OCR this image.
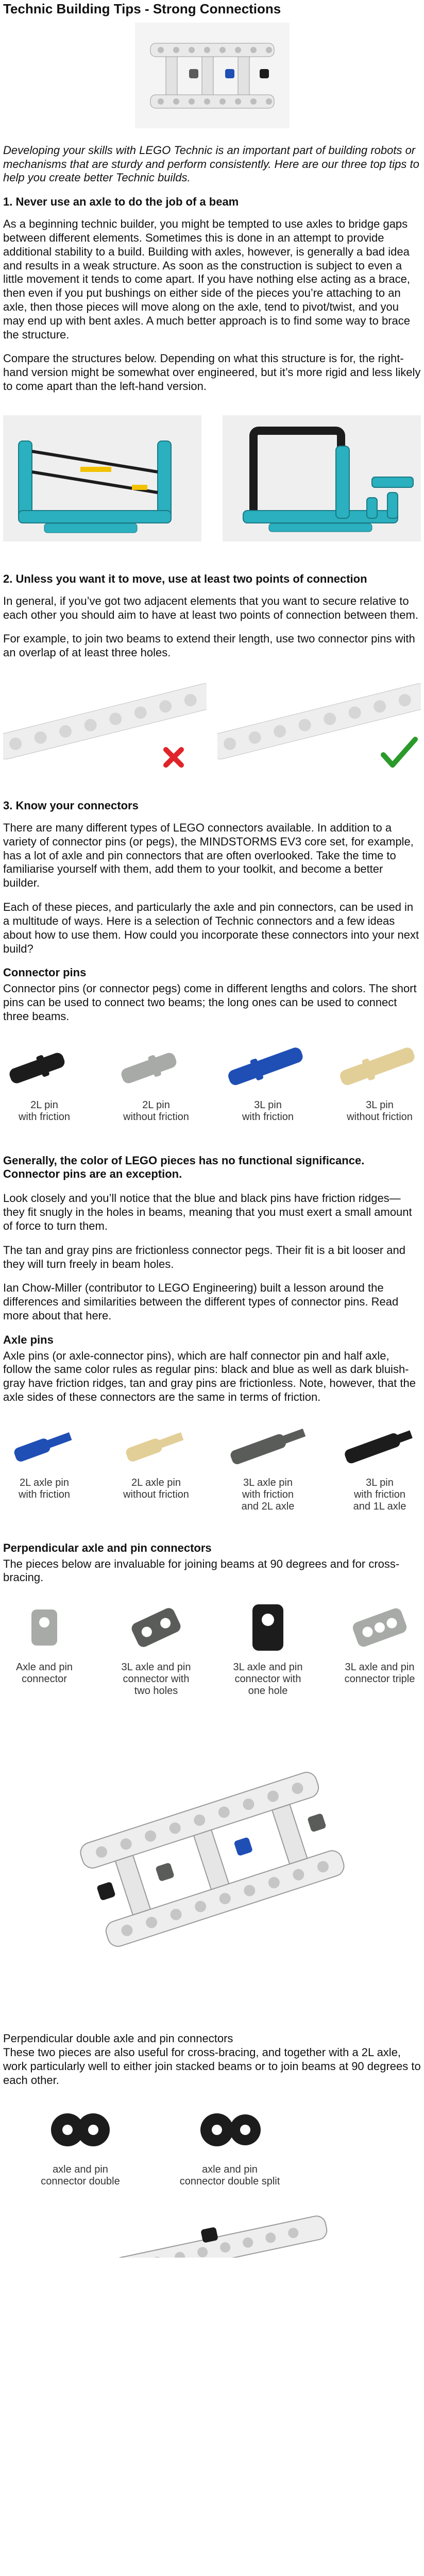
Technic Building Tips - Strong Connections

Developing your skills with LEGO Technic is an important part of building robots or mechanisms that are sturdy and perform consistently. Here are our three top tips to help you create better Technic builds.

1. Never use an axle to do the job of a beam

As a beginning technic builder, you might be tempted to use axles to bridge gaps between different elements. Sometimes this is done in an attempt to provide additional stability to a build. Building with axles, however, is generally a bad idea and results in a weak structure. As soon as the construction is subject to even a little movement it tends to come apart. If you have nothing else acting as a brace, then even if you put bushings on either side of the pieces you’re attaching to an axle, then those pieces will move along on the axle, tend to pivot/twist, and you may end up with bent axles. A much better approach is to find some way to brace the structure.

Compare the structures below. Depending on what this structure is for, the right-hand version might be somewhat over engineered, but it’s more rigid and less likely to come apart than the left-hand version.

2. Unless you want it to move, use at least two points of connection

In general, if you’ve got two adjacent elements that you want to secure relative to each other you should aim to have at least two points of connection between them.

For example, to join two beams to extend their length, use two connector pins with an overlap of at least three holes.

3. Know your connectors

There are many different types of LEGO connectors available. In addition to a variety of connector pins (or pegs), the MINDSTORMS EV3 core set, for example, has a lot of axle and pin connectors that are often overlooked. Take the time to familiarise yourself with them, add them to your toolkit, and become a better builder.

Each of these pieces, and particularly the axle and pin connectors, can be used in a multitude of ways. Here is a selection of Technic connectors and a few ideas about how to use them. How could you incorporate these connectors into your next build?

Connector pins

Connector pins (or connector pegs) come in different lengths and colors. The short pins can be used to connect two beams; the long ones can be used to connect three beams.

2L pin
with friction
2L pin
without friction
3L pin
with friction
3L pin
without friction
Generally, the color of LEGO pieces has no functional significance. Connector pins are an exception.

Look closely and you’ll notice that the blue and black pins have friction ridges—they fit snugly in the holes in beams, meaning that you must exert a small amount of force to turn them.

The tan and gray pins are frictionless connector pegs. Their fit is a bit looser and they will turn freely in beam holes.

Ian Chow-Miller (contributor to LEGO Engineering) built a lesson around the differences and similarities between the different types of connector pins. Read more about that here.

Axle pins

Axle pins (or axle-connector pins), which are half connector pin and half axle, follow the same color rules as regular pins: black and blue as well as dark bluish-gray have friction ridges, tan and gray pins are frictionless. Note, however, that the axle sides of these connectors are the same in terms of friction.

2L axle pin
with friction
2L axle pin
without friction
3L axle pin
with friction
and 2L axle
3L pin
with friction
and 1L axle
Perpendicular axle and pin connectors

The pieces below are invaluable for joining beams at 90 degrees and for cross-bracing.

Axle and pin
connector
3L axle and pin
connector with
two holes
3L axle and pin
connector with
one hole
3L axle and pin
connector triple

Perpendicular double axle and pin connectors

These two pieces are also useful for cross-bracing, and together with a 2L axle, work particularly well to either join stacked beams or to join beams at 90 degrees to each other.

axle and pin
connector double
axle and pin
connector double split
